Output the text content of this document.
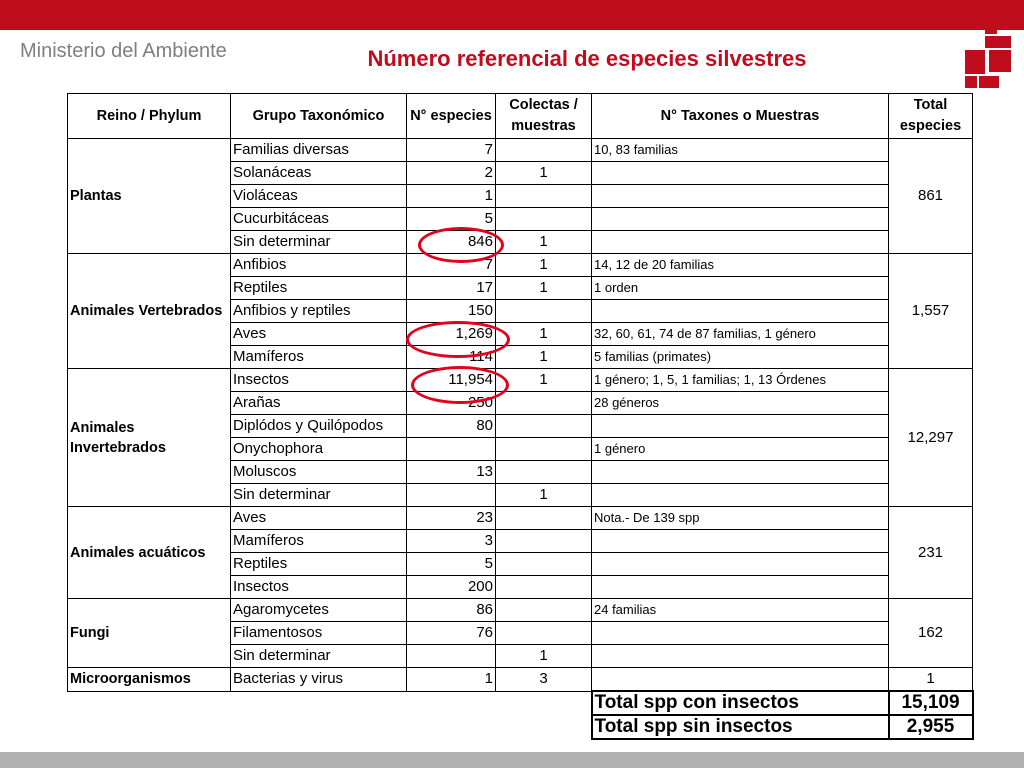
Ministerio del Ambiente	Número referencial de especies silvestres
Reino / Phylum	Grupo Taxonómico	N° especies	Colectas / muestras	N° Taxones o Muestras	Total especies
Plantas	Familias diversas	7		10, 83 familias	861
	Solanáceas	2	1		
	Violáceas	1			
	Cucurbitáceas	5			
	Sin determinar	846	1		
Animales Vertebrados	Anfibios	7	1	14, 12 de 20 familias	1,557
	Reptiles	17	1	1 orden	
	Anfibios y reptiles	150			
	Aves	1,269	1	32, 60, 61, 74 de 87 familias, 1 género	
	Mamíferos	114	1	5 familias (primates)	
Animales Invertebrados	Insectos	11,954	1	1 género; 1, 5, 1 familias; 1, 13 Órdenes	12,297
	Arañas	250		28 géneros	
	Diplódos y Quilópodos	80			
	Onychophora			1 género	
	Moluscos	13			
	Sin determinar		1		
Animales acuáticos	Aves	23		Nota.- De 139 spp	231
	Mamíferos	3			
	Reptiles	5			
	Insectos	200			
Fungi	Agaromycetes	86		24 familias	162
	Filamentosos	76			
	Sin determinar		1		
Microorganismos	Bacterias y virus	1	3		1
				Total spp con insectos	15,109
				Total spp sin insectos	2,955
